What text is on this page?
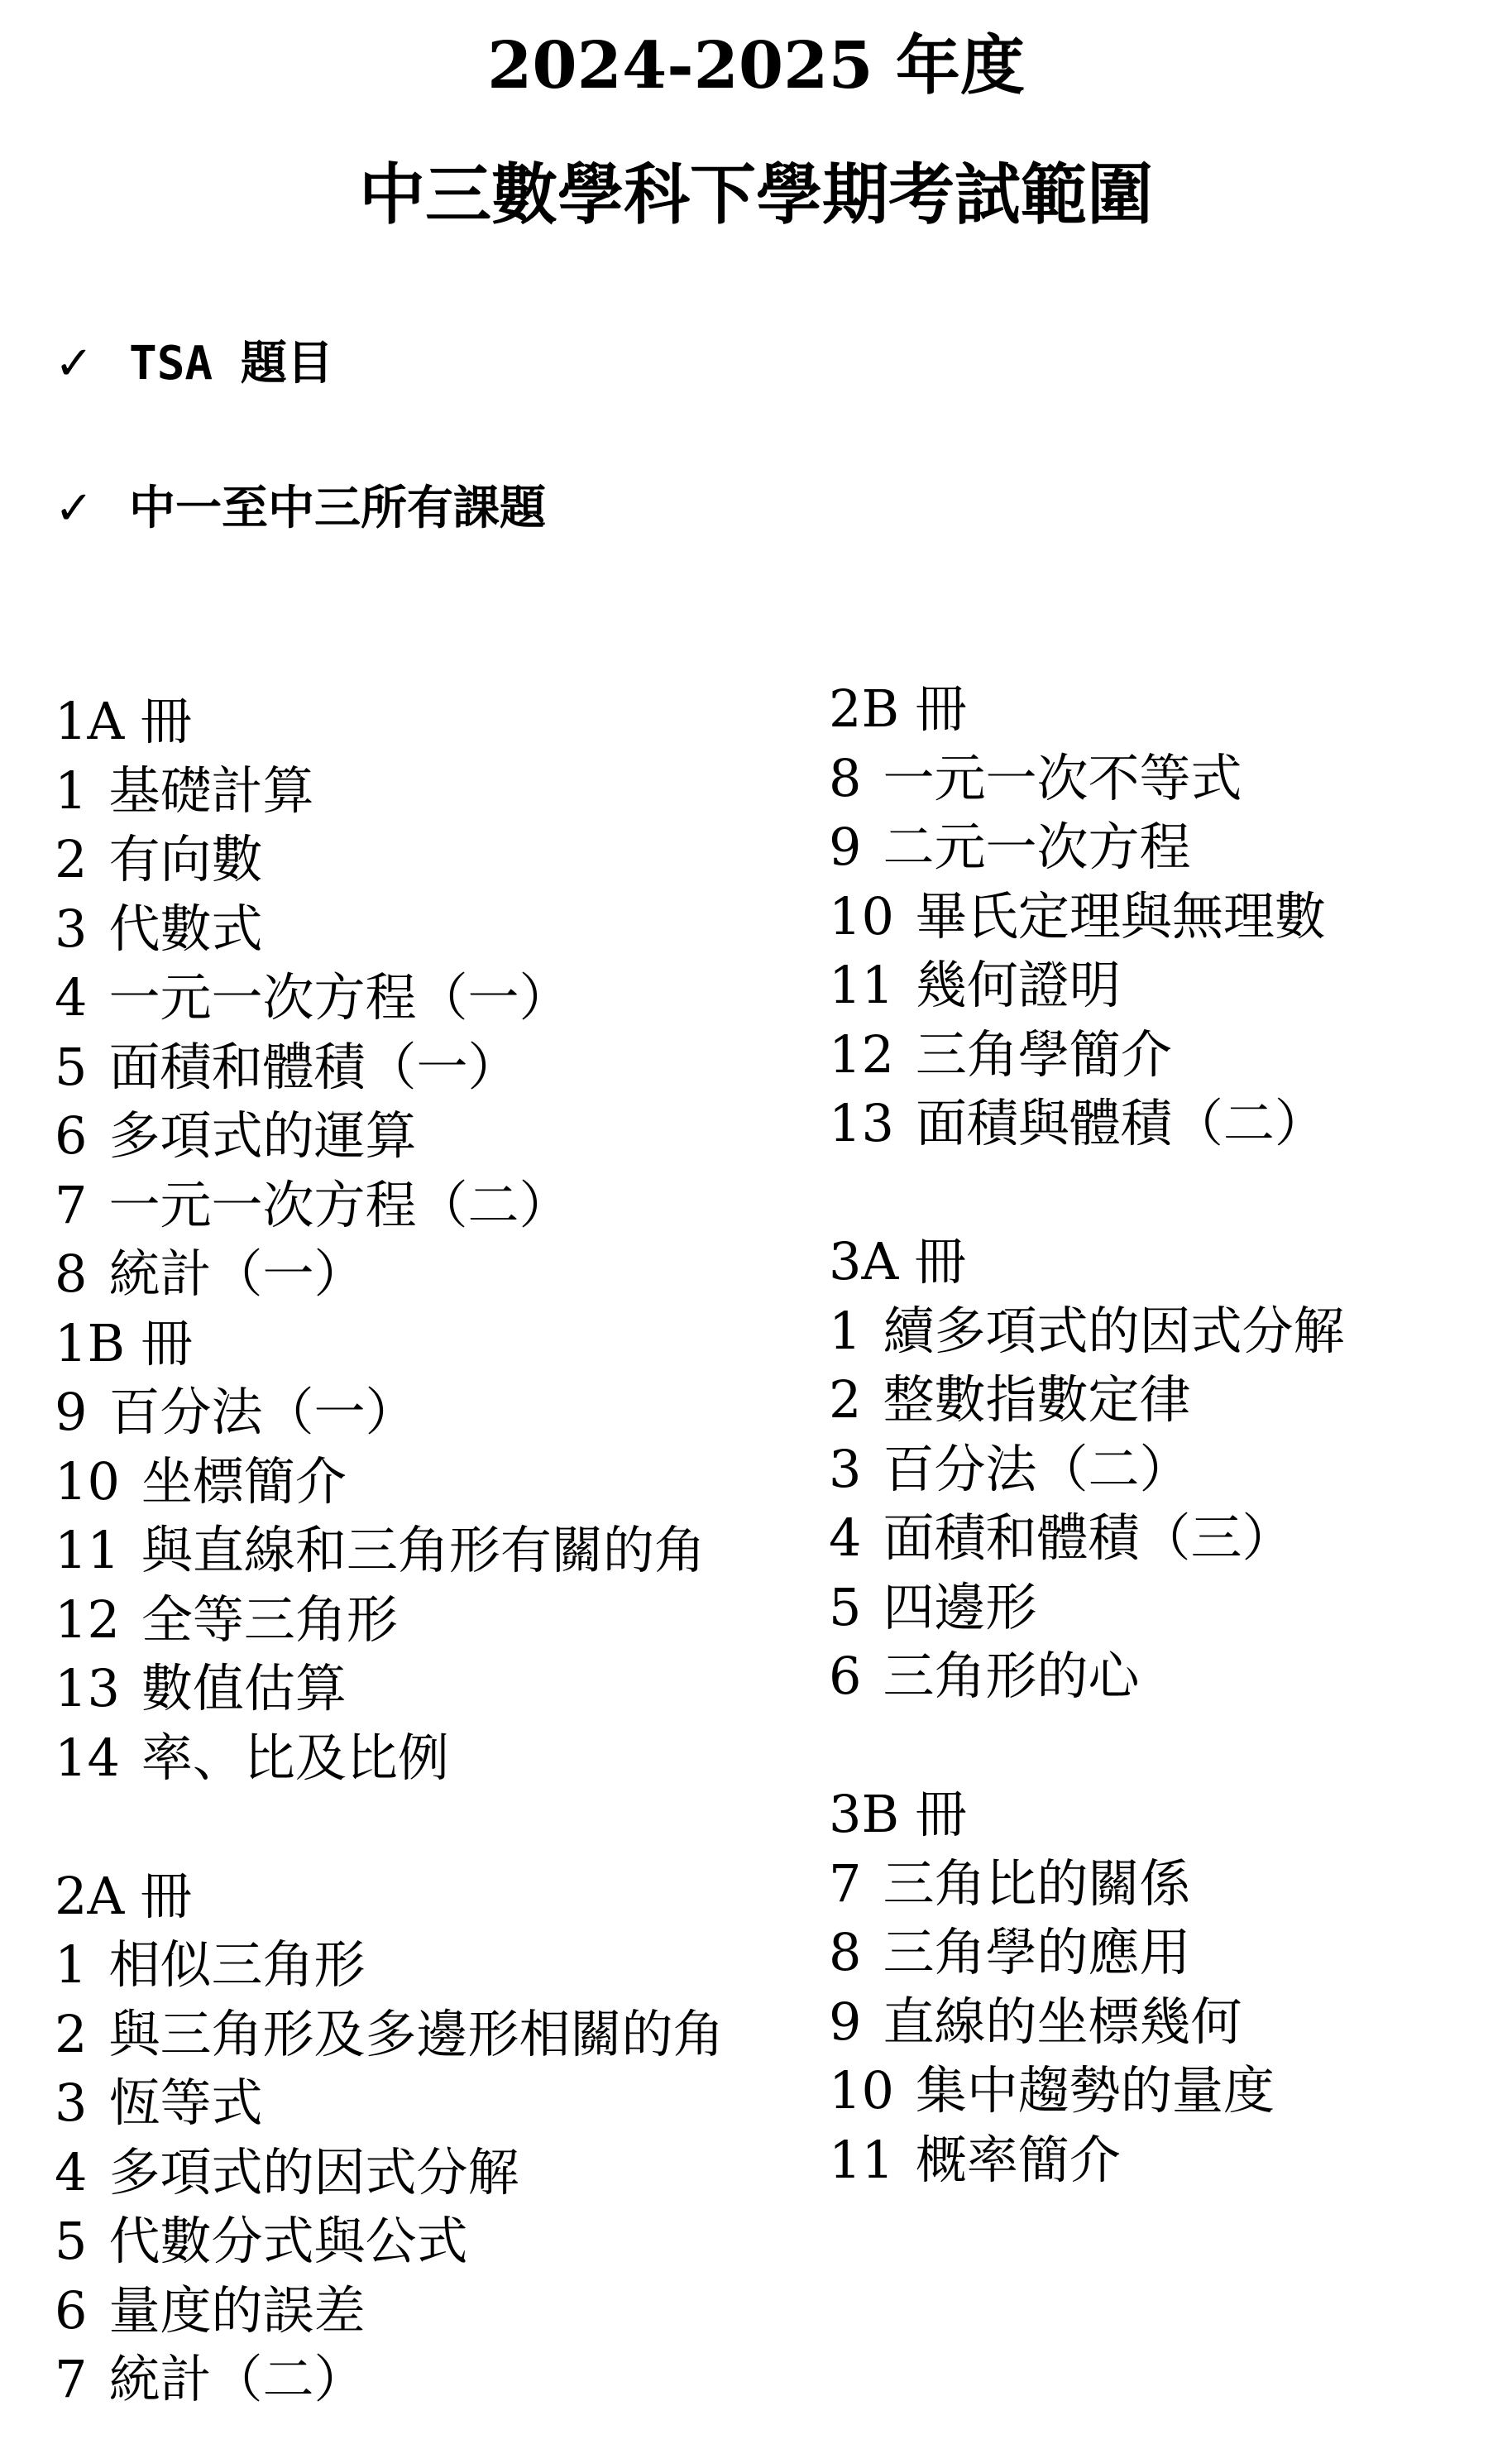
2024-2025 年度
中三數學科下學期考試範圍
✓ TSA 題目
✓ 中一至中三所有課題
1A 冊
1 基礎計算
2 有向數
3 代數式
4 一元一次方程（一）
5 面積和體積（一）
6 多項式的運算
7 一元一次方程（二）
8 統計（一）
1B 冊
9 百分法（一）
10 坐標簡介
11 與直線和三角形有關的角
12 全等三角形
13 數值估算
14 率、比及比例
2A 冊
1 相似三角形
2 與三角形及多邊形相關的角
3 恆等式
4 多項式的因式分解
5 代數分式與公式
6 量度的誤差
7 統計（二）
2B 冊
8 一元一次不等式
9 二元一次方程
10 畢氏定理與無理數
11 幾何證明
12 三角學簡介
13 面積與體積（二）
3A 冊
1 續多項式的因式分解
2 整數指數定律
3 百分法（二）
4 面積和體積（三）
5 四邊形
6 三角形的心
3B 冊
7 三角比的關係
8 三角學的應用
9 直線的坐標幾何
10 集中趨勢的量度
11 概率簡介
